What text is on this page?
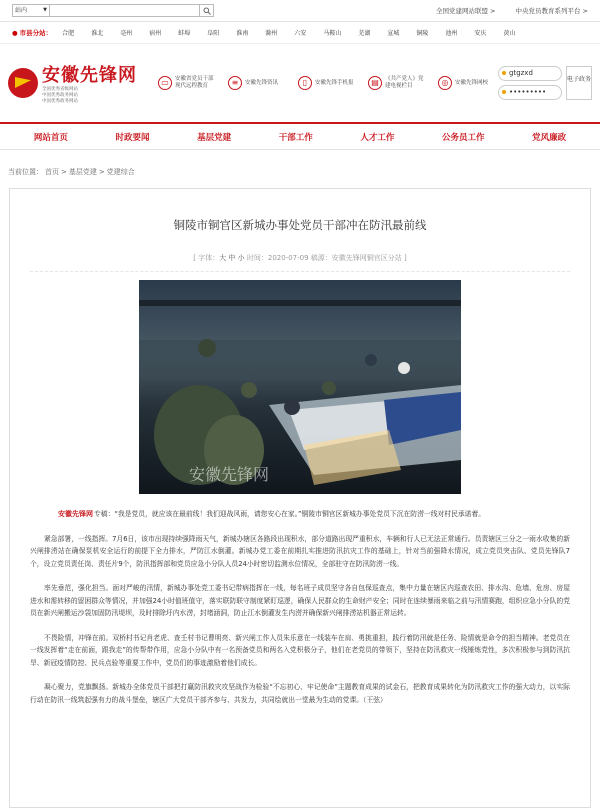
站内	▼	全国党建网站联盟 >	中央党员教育系列平台 >
● 市县分站： 合肥	淮北	亳州	宿州	蚌埠	阜阳	淮南	滁州	六安	马鞍山	芜湖	宣城	铜陵	池州	安庆	黄山
安徽先锋网
全国优秀省级网站
中国优秀政务网站
中国优秀政务网站
▭	安徽省党员干部现代远程教育	≡	安徽先锋资讯	▯	安徽先锋手机报	▤	《共产党人》党建电视栏目	◎	安徽先锋网校
gtgzxd
•••••••••
电子政务
网站首页	时政要闻	基层党建	干部工作	人才工作	公务员工作	党风廉政
当前位置： 首页 > 基层党建 > 党建综合
铜陵市铜官区新城办事处党员干部冲在防汛最前线
[ 字体：大 中 小 时间：2020-07-09 稿源：安徽先锋网铜官区分站 ]
安徽先锋网

安徽先锋网专稿：“我是党员，就应该在最前线！我们迎战风雨，请您安心在家。”铜陵市铜官区新城办事处党员下沉在防涝一线对村民承诺着。

紧急部署，一线指挥。7月6日，该市出现持续强降雨天气，新城办辖区各路段出现积水，部分道路出现严重积水，车辆和行人已无法正常通行。员责辖区三分之一雨水收集的新兴闸排涝站在确保泵机安全运行的前提下全力排水，严防江水倒灌。新城办党工委在前期扎实推进防汛抗灾工作的基础上，针对当前强降水情况，成立党员突击队、党员先锋队7个，设立党员责任岗、责任片9个，防汛指挥部和党员应急小分队人员24小时密切监测水位情况，全部驻守在防汛防涝一线。

率先垂范，强化担当。面对严峻的汛情，新城办事处党工委书记带病指挥在一线，每名班子成员坚守各自包保巡查点，集中力量在辖区内巡查农田、排水沟、危墙、危房、房屋进水和需转移的留困群众等情况，并加强24小时值班值守，落实联防联守制度紧盯巡逻，确保人民群众的生命财产安全；同时在连续暴雨来临之前与汛情赛跑，组织应急小分队的党员在新兴闸搬运沙袋加固防汛堤坝，及时排除圩内水涝，封堵涵洞，防止江水倒灌发生内涝并确保新兴闸排涝站机器正常运转。

不畏险情，冲锋在前。双桥村书记肖老虎、查壬村书记曹明亮、新兴闸工作人员朱乐意在一线装车在肩、勇挑重担，践行着防汛就是任务、险情就是命令的担当精神。老党员在一线发挥着“走在前面，跟我走”的传帮带作用，应急小分队中有一名预备党员和两名入党积极分子，他们在老党员的带领下，坚持在防汛救灾一线锤炼党性，多次积极参与到防汛抗旱、新冠疫情防控、民兵点验等重要工作中，党员们的事迹激励着他们成长。

凝心聚力，党旗飘扬。新城办全体党员干部把打赢防汛救灾攻坚战作为检验“不忘初心、牢记使命”主题教育成果的试金石，把教育成果转化为防汛救灾工作的强大动力，以实际行动在防汛一线筑起强有力的战斗堡垒，辖区广大党员干部齐参与、共发力，共同绘就出一堂最为生动的党课。（王弦）
